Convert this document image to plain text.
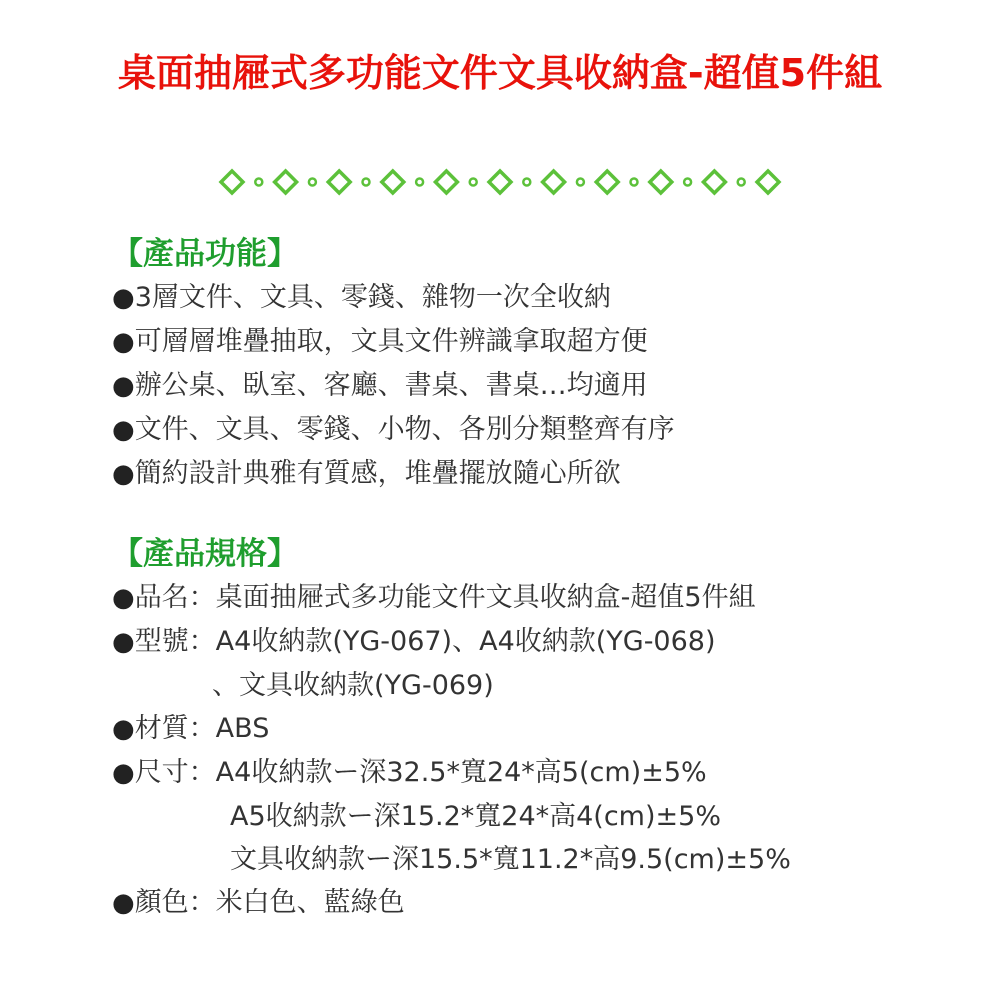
桌面抽屜式多功能文件文具收納盒-超值5件組
【產品功能】
●3層文件、文具、零錢、雜物一次全收納
●可層層堆疊抽取，文具文件辨識拿取超方便
●辦公桌、臥室、客廳、書桌、書桌…均適用
●文件、文具、零錢、小物、各別分類整齊有序
●簡約設計典雅有質感，堆疊擺放隨心所欲
【產品規格】
●品名：桌面抽屜式多功能文件文具收納盒-超值5件組
●型號：A4收納款(YG-067)、A4收納款(YG-068)
、文具收納款(YG-069)
●材質：ABS
●尺寸：A4收納款ー深32.5*寬24*高5(cm)±5%
A5收納款ー深15.2*寬24*高4(cm)±5%
文具收納款ー深15.5*寬11.2*高9.5(cm)±5%
●顏色：米白色、藍綠色
